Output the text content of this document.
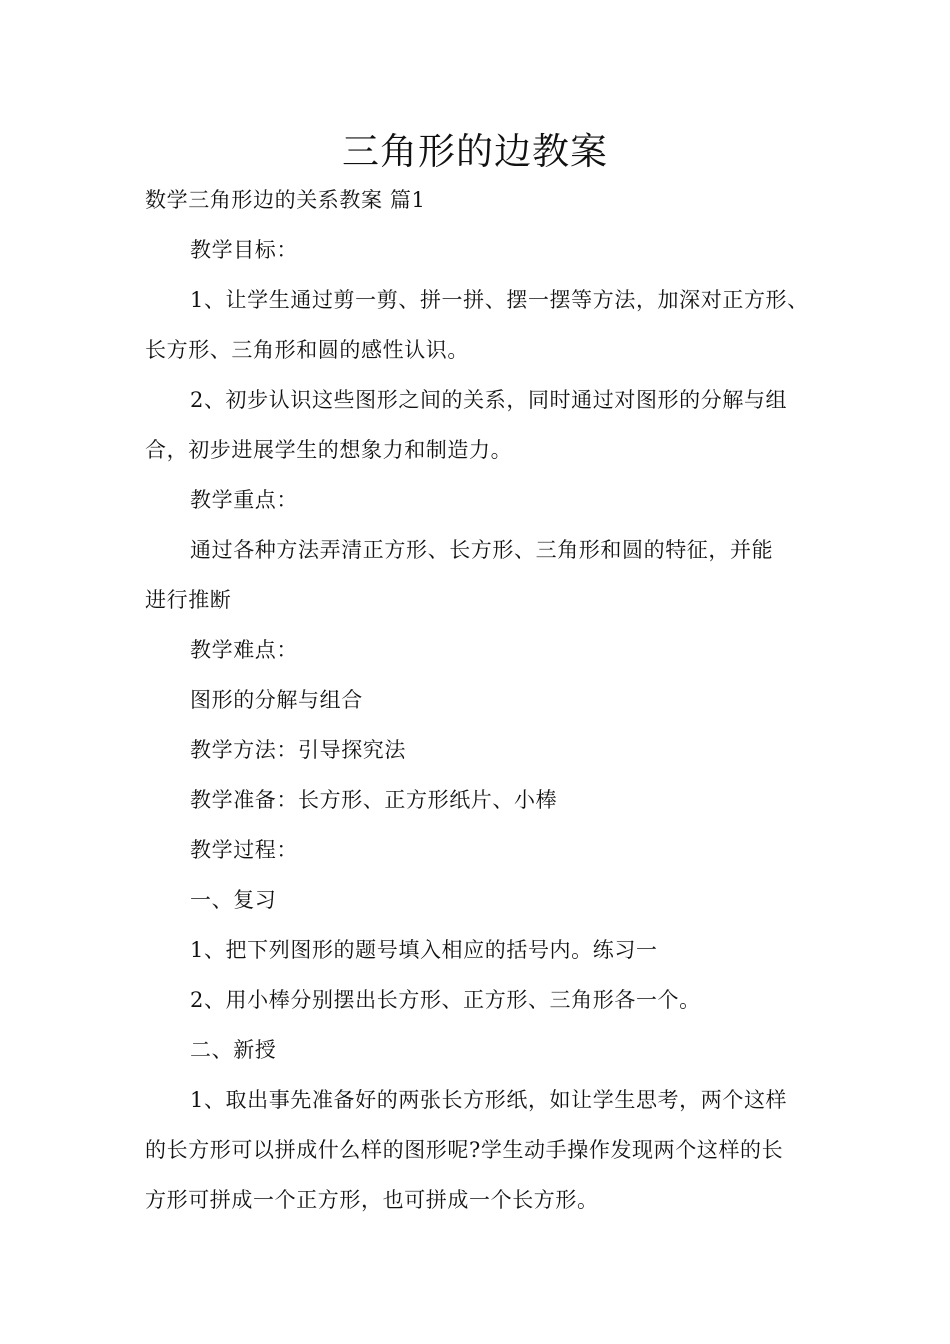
三角形的边教案
数学三角形边的关系教案 篇1
教学目标：
1、让学生通过剪一剪、拼一拼、摆一摆等方法，加深对正方形、
长方形、三角形和圆的感性认识。
2、初步认识这些图形之间的关系，同时通过对图形的分解与组
合，初步进展学生的想象力和制造力。
教学重点：
通过各种方法弄清正方形、长方形、三角形和圆的特征，并能
进行推断
教学难点：
图形的分解与组合
教学方法：引导探究法
教学准备：长方形、正方形纸片、小棒
教学过程：
一、复习
1、把下列图形的题号填入相应的括号内。练习一
2、用小棒分别摆出长方形、正方形、三角形各一个。
二、新授
1、取出事先准备好的两张长方形纸，如让学生思考，两个这样
的长方形可以拼成什么样的图形呢?学生动手操作发现两个这样的长
方形可拼成一个正方形，也可拼成一个长方形。
